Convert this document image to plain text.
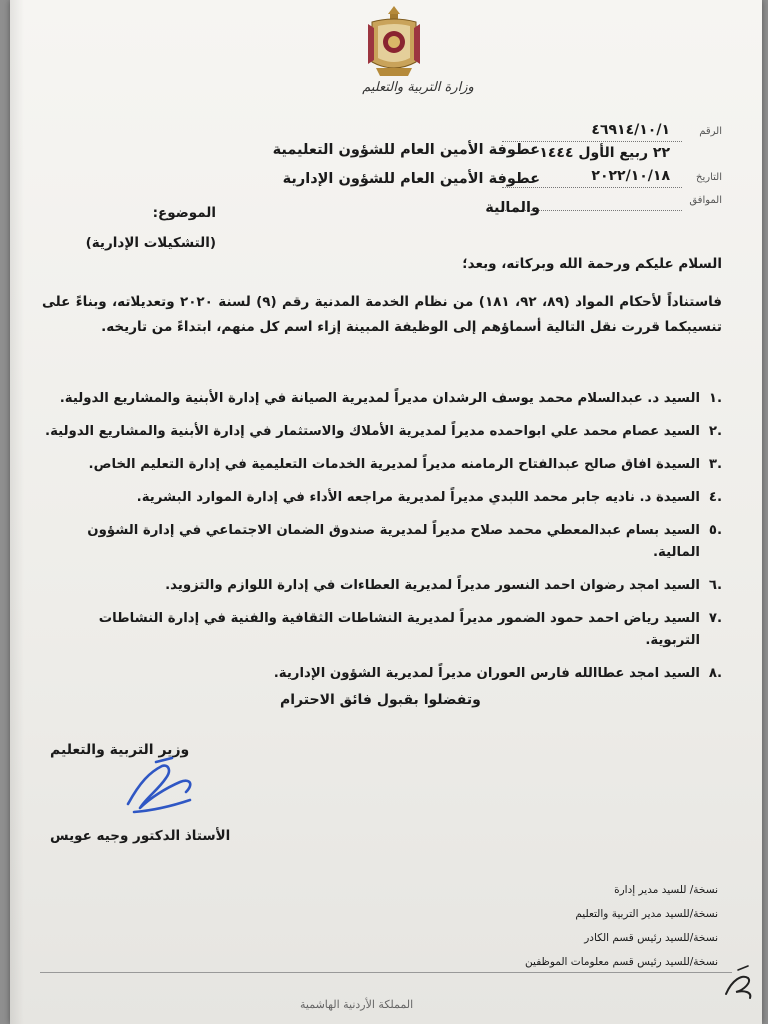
وزارة التربية والتعليم
الرقم
٤٦٩١٤/١٠/١
٢٢ ربيع الأول ١٤٤٤
التاريخ
٢٠٢٢/١٠/١٨
الموافق
عطوفة الأمين العام للشؤون التعليمية
عطوفة الأمين العام للشؤون الإدارية والمالية
الموضوع:
(التشكيلات الإدارية)
السلام عليكم ورحمة الله وبركاته، وبعد؛
فاستناداً لأحكام المواد (٨٩، ٩٢، ١٨١) من نظام الخدمة المدنية رقم (٩) لسنة ٢٠٢٠ وتعديلاته، وبناءً على تنسيبكما قررت نقل التالية أسماؤهم إلى الوظيفة المبينة إزاء اسم كل منهم، ابتداءً من تاريخه.
.١
السيد د. عبدالسلام محمد يوسف الرشدان مديراً لمديرية الصيانة في إدارة الأبنية والمشاريع الدولية.
.٢
السيد عصام محمد علي ابواحمده مديراً لمديرية الأملاك والاستثمار في إدارة الأبنية والمشاريع الدولية.
.٣
السيدة افاق صالح عبدالفتاح الرمامنه مديراً لمديرية الخدمات التعليمية في إدارة التعليم الخاص.
.٤
السيدة د. ناديه جابر محمد اللبدي مديراً لمديرية مراجعه الأداء في إدارة الموارد البشرية.
.٥
السيد بسام عبدالمعطي محمد صلاح مديراً لمديرية صندوق الضمان الاجتماعي في إدارة الشؤون المالية.
.٦
السيد امجد رضوان احمد النسور مديراً لمديرية العطاءات في إدارة اللوازم والتزويد.
.٧
السيد رياض احمد حمود الضمور مديراً لمديرية النشاطات الثقافية والفنية في إدارة النشاطات التربوية.
.٨
السيد امجد عطاالله فارس العوران مديراً لمديرية الشؤون الإدارية.
وتفضلوا بقبول فائق الاحترام
وزير التربية والتعليم
الأستاذ الدكتور وجيه عويس
نسخة/ للسيد مدير إدارة
نسخة/للسيد مدير التربية والتعليم
نسخة/للسيد رئيس قسم الكادر
نسخة/للسيد رئيس قسم معلومات الموظفين
المملكة الأردنية الهاشمية
